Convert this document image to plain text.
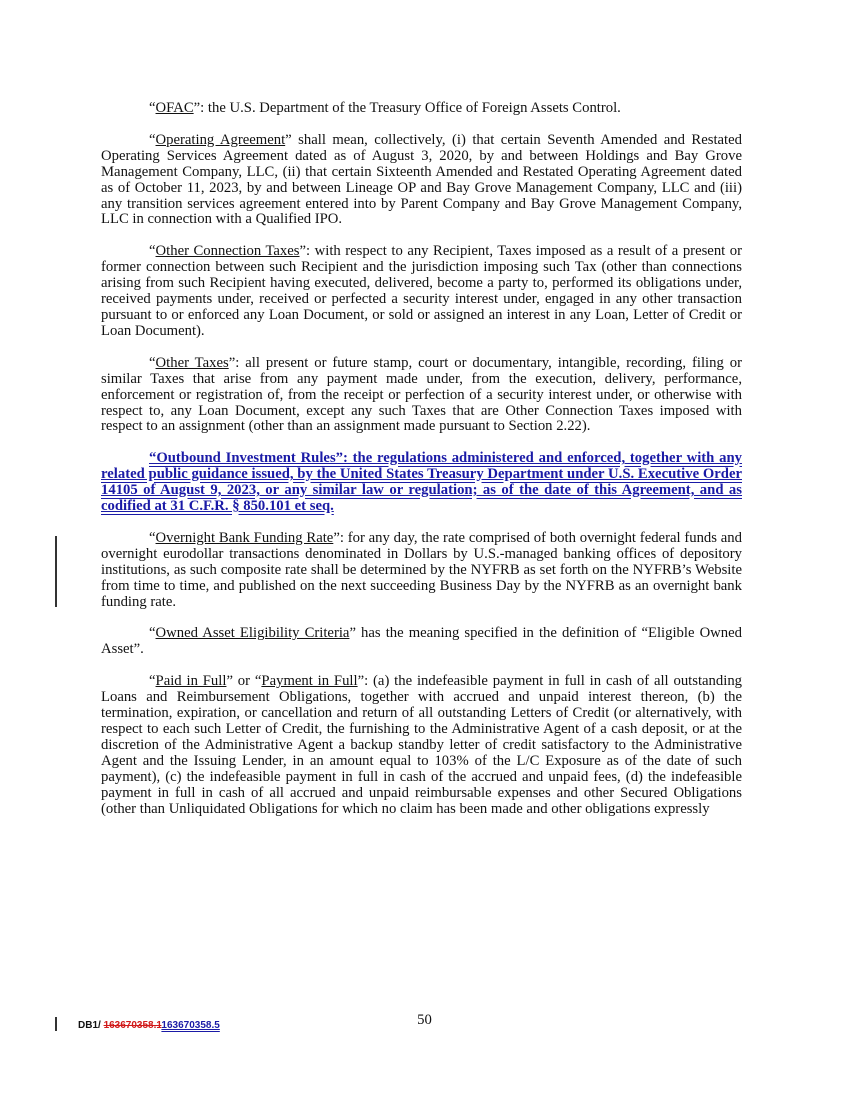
“OFAC”: the U.S. Department of the Treasury Office of Foreign Assets Control.

“Operating Agreement” shall mean, collectively, (i) that certain Seventh Amended and Restated Operating Services Agreement dated as of August 3, 2020, by and between Holdings and Bay Grove Management Company, LLC, (ii) that certain Sixteenth Amended and Restated Operating Agreement dated as of October 11, 2023, by and between Lineage OP and Bay Grove Management Company, LLC and (iii) any transition services agreement entered into by Parent Company and Bay Grove Management Company, LLC in connection with a Qualified IPO.

“Other Connection Taxes”: with respect to any Recipient, Taxes imposed as a result of a present or former connection between such Recipient and the jurisdiction imposing such Tax (other than connections arising from such Recipient having executed, delivered, become a party to, performed its obligations under, received payments under, received or perfected a security interest under, engaged in any other transaction pursuant to or enforced any Loan Document, or sold or assigned an interest in any Loan, Letter of Credit or Loan Document).

“Other Taxes”: all present or future stamp, court or documentary, intangible, recording, filing or similar Taxes that arise from any payment made under, from the execution, delivery, performance, enforcement or registration of, from the receipt or perfection of a security interest under, or otherwise with respect to, any Loan Document, except any such Taxes that are Other Connection Taxes imposed with respect to an assignment (other than an assignment made pursuant to Section 2.22).

“Outbound Investment Rules”: the regulations administered and enforced, together with any related public guidance issued, by the United States Treasury Department under U.S. Executive Order 14105 of August 9, 2023, or any similar law or regulation; as of the date of this Agreement, and as codified at 31 C.F.R. § 850.101 et seq.

“Overnight Bank Funding Rate”: for any day, the rate comprised of both overnight federal funds and overnight eurodollar transactions denominated in Dollars by U.S.-managed banking offices of depository institutions, as such composite rate shall be determined by the NYFRB as set forth on the NYFRB’s Website from time to time, and published on the next succeeding Business Day by the NYFRB as an overnight bank funding rate.

“Owned Asset Eligibility Criteria” has the meaning specified in the definition of “Eligible Owned Asset”.

“Paid in Full” or “Payment in Full”: (a) the indefeasible payment in full in cash of all outstanding Loans and Reimbursement Obligations, together with accrued and unpaid interest thereon, (b) the termination, expiration, or cancellation and return of all outstanding Letters of Credit (or alternatively, with respect to each such Letter of Credit, the furnishing to the Administrative Agent of a cash deposit, or at the discretion of the Administrative Agent a backup standby letter of credit satisfactory to the Administrative Agent and the Issuing Lender, in an amount equal to 103% of the L/C Exposure as of the date of such payment), (c) the indefeasible payment in full in cash of the accrued and unpaid fees, (d) the indefeasible payment in full in cash of all accrued and unpaid reimbursable expenses and other Secured Obligations (other than Unliquidated Obligations for which no claim has been made and other obligations expressly

50
DB1/ 163670358.1163670358.5
